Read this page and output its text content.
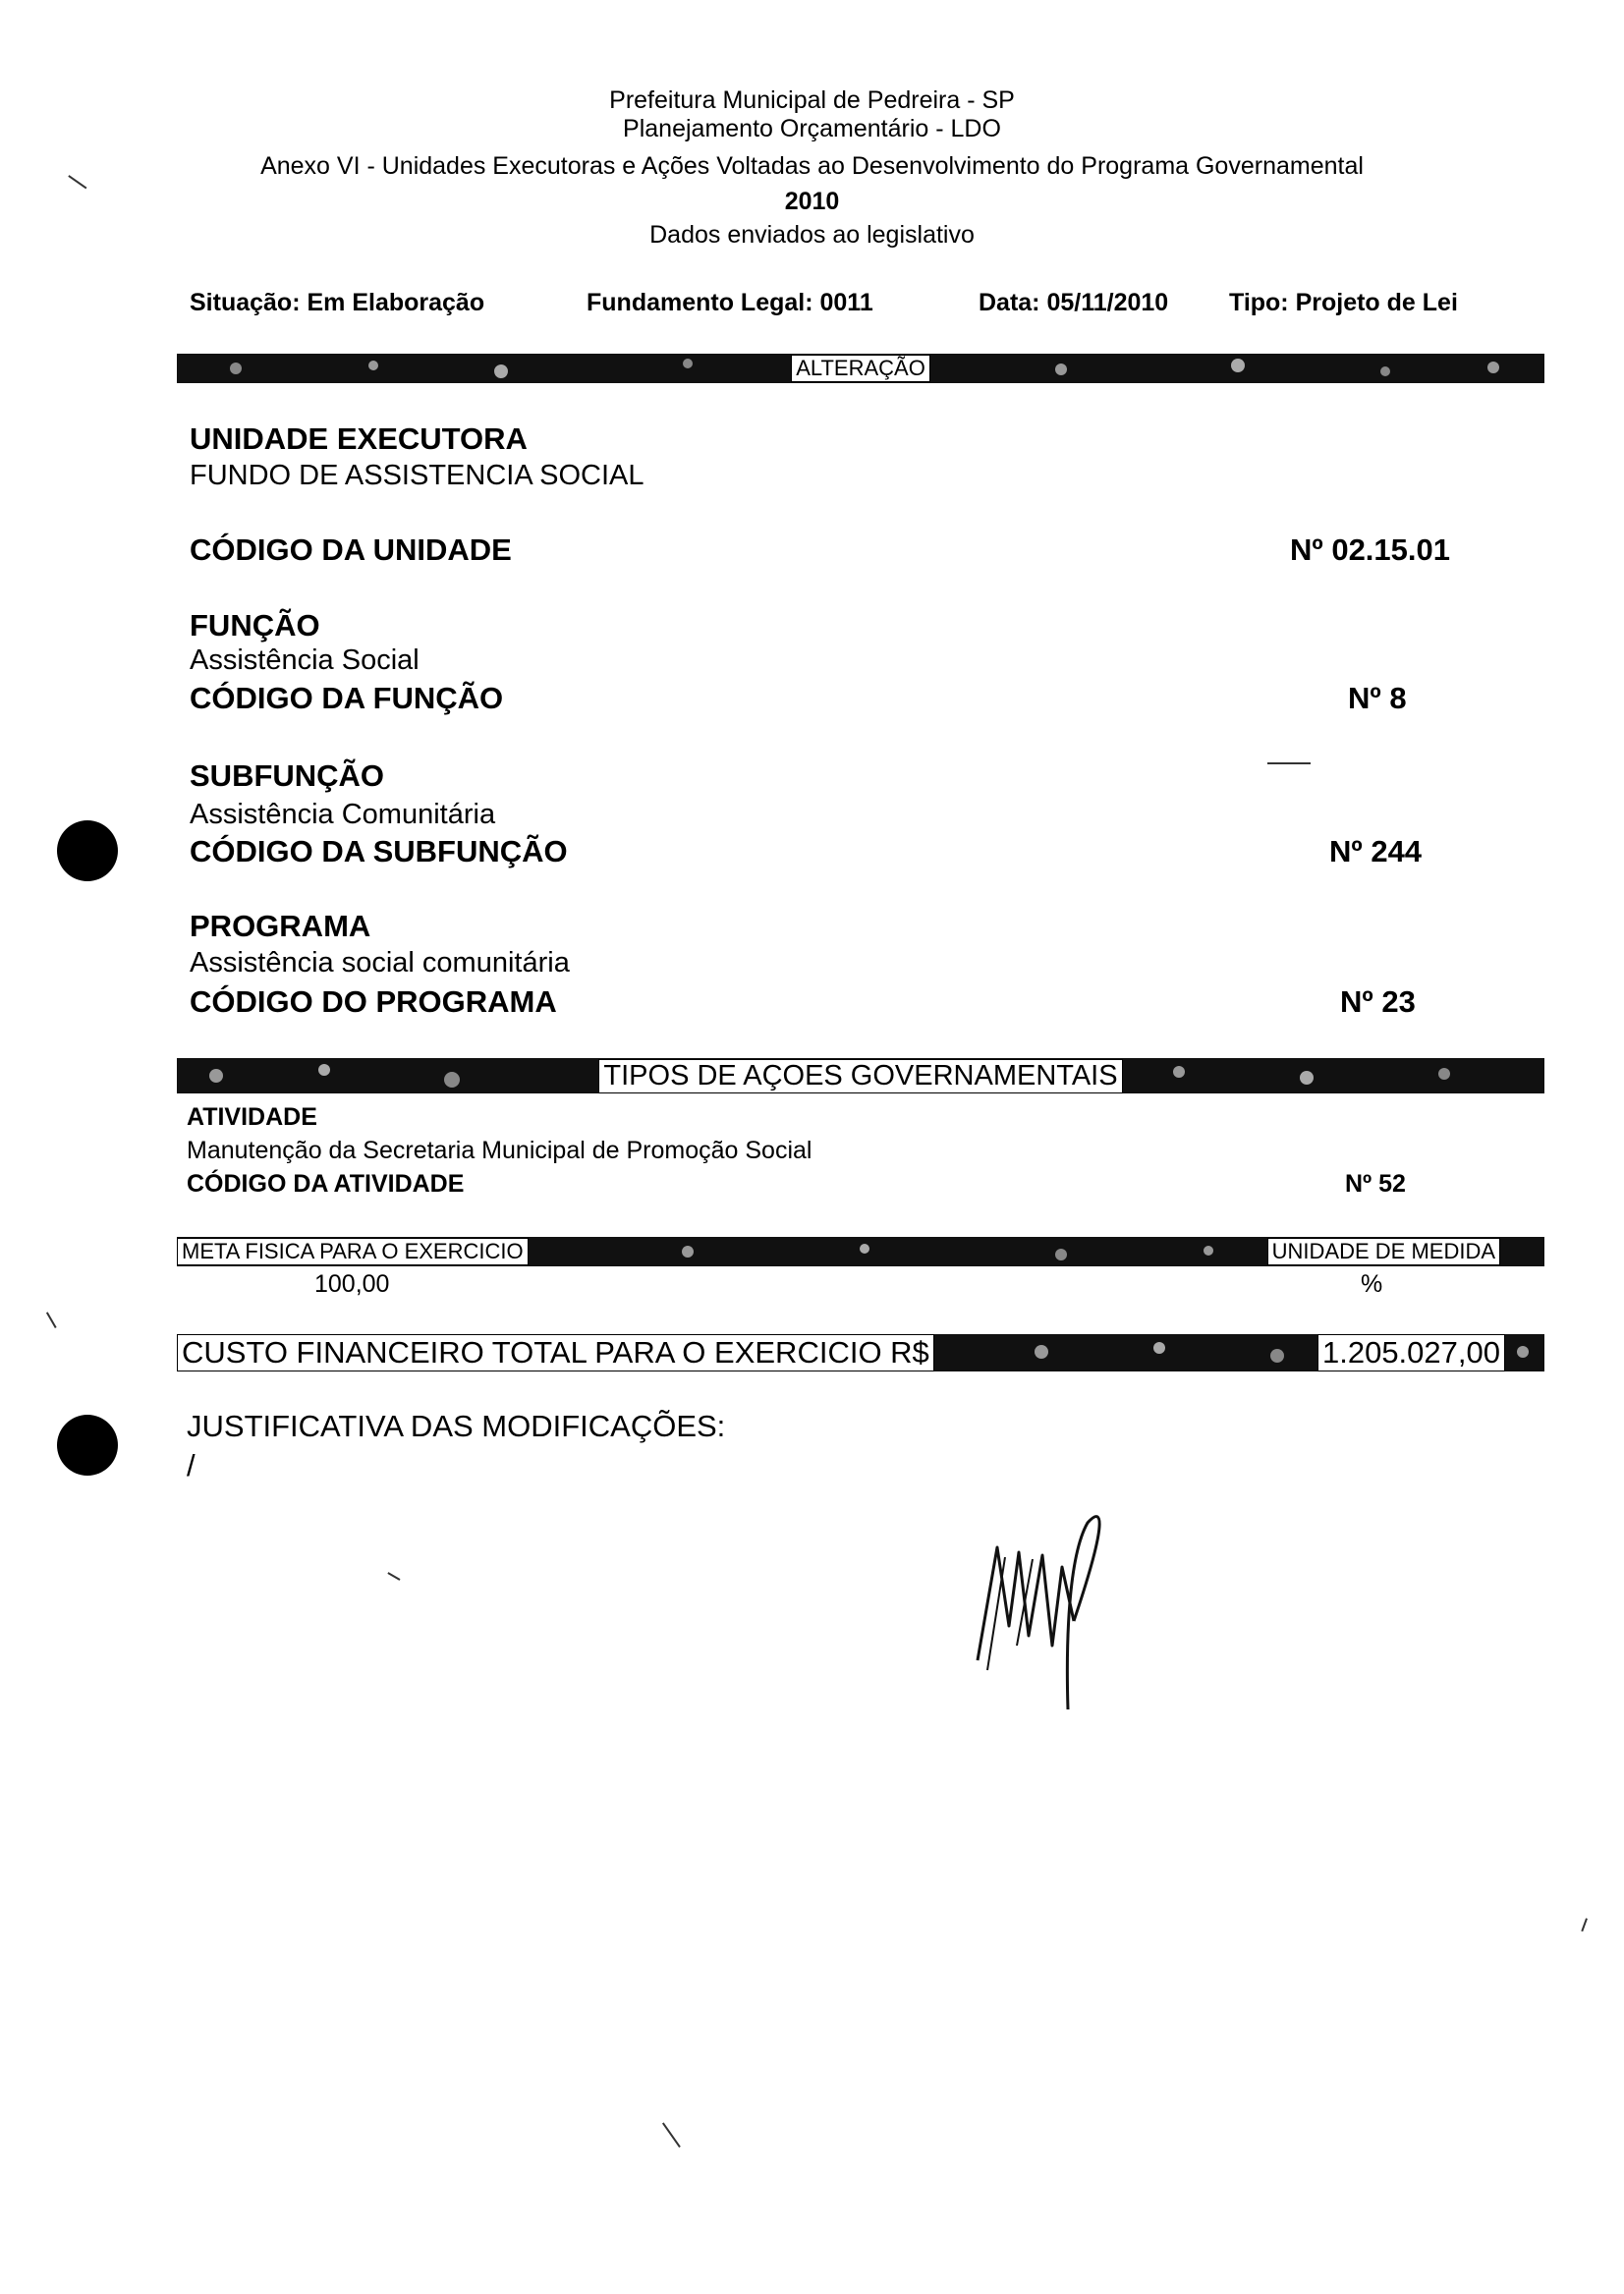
Prefeitura Municipal de Pedreira - SP
Planejamento Orçamentário - LDO
Anexo VI - Unidades Executoras e Ações Voltadas ao Desenvolvimento do Programa Governamental
2010
Dados enviados ao legislativo
Situação: Em Elaboração	Fundamento Legal: 0011	Data: 05/11/2010 Tipo: Projeto de Lei
ALTERAÇÃO
UNIDADE EXECUTORA
FUNDO DE ASSISTENCIA SOCIAL
CÓDIGO DA UNIDADE	Nº 02.15.01
FUNÇÃO
Assistência Social
CÓDIGO DA FUNÇÃO	Nº 8
SUBFUNÇÃO
Assistência Comunitária
CÓDIGO DA SUBFUNÇÃO	Nº 244
PROGRAMA
Assistência social comunitária
CÓDIGO DO PROGRAMA	Nº 23
TIPOS DE AÇOES GOVERNAMENTAIS
ATIVIDADE
Manutenção da Secretaria Municipal de Promoção Social
CÓDIGO DA ATIVIDADE	Nº 52
META FISICA PARA O EXERCICIO	UNIDADE DE MEDIDA
100,00	%
CUSTO FINANCEIRO TOTAL PARA O EXERCICIO R$	1.205.027,00
JUSTIFICATIVA DAS MODIFICAÇÕES:
/
